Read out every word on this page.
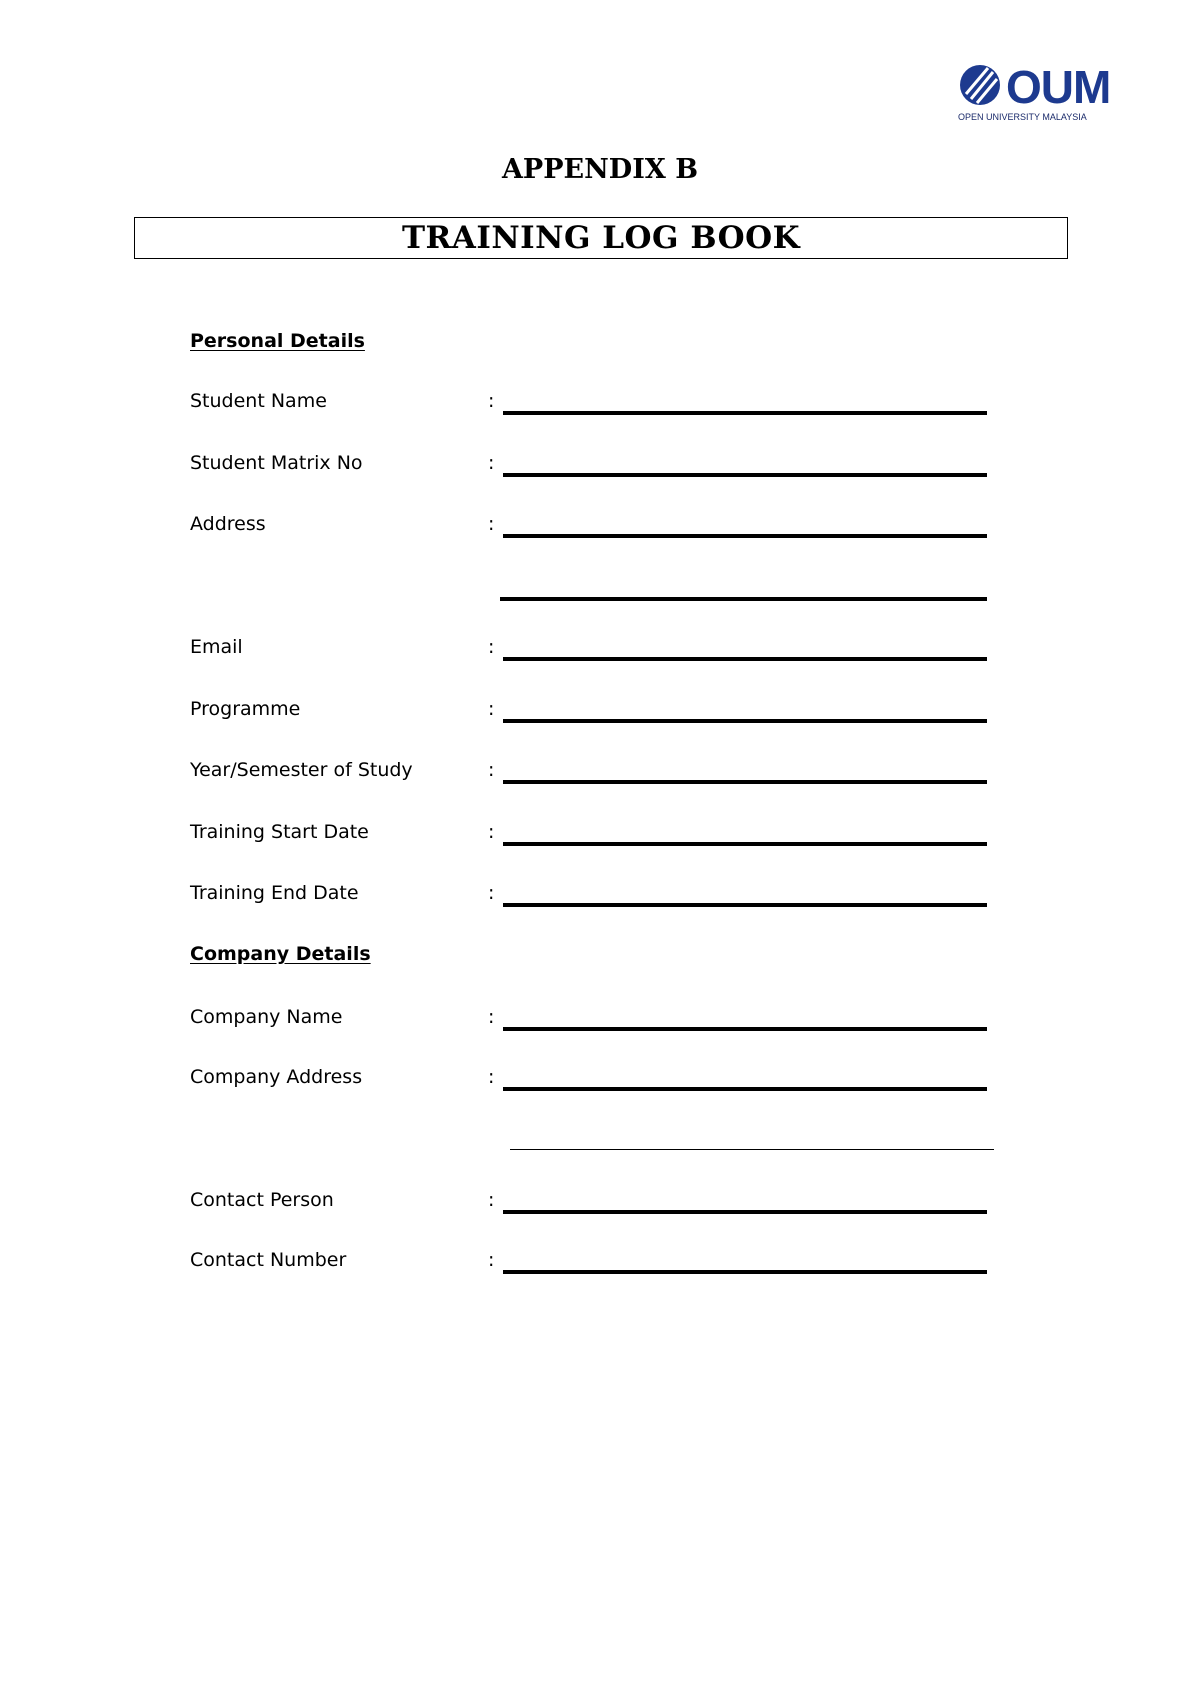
OUM
OPEN UNIVERSITY MALAYSIA
APPENDIX B
TRAINING LOG BOOK
Personal Details
Student Name	:
Student Matrix No	:
Address	:
Email	:
Programme	:
Year/Semester of Study	:
Training Start Date	:
Training End Date	:
Company Details
Company Name	:
Company Address	:
Contact Person	:
Contact Number	:
